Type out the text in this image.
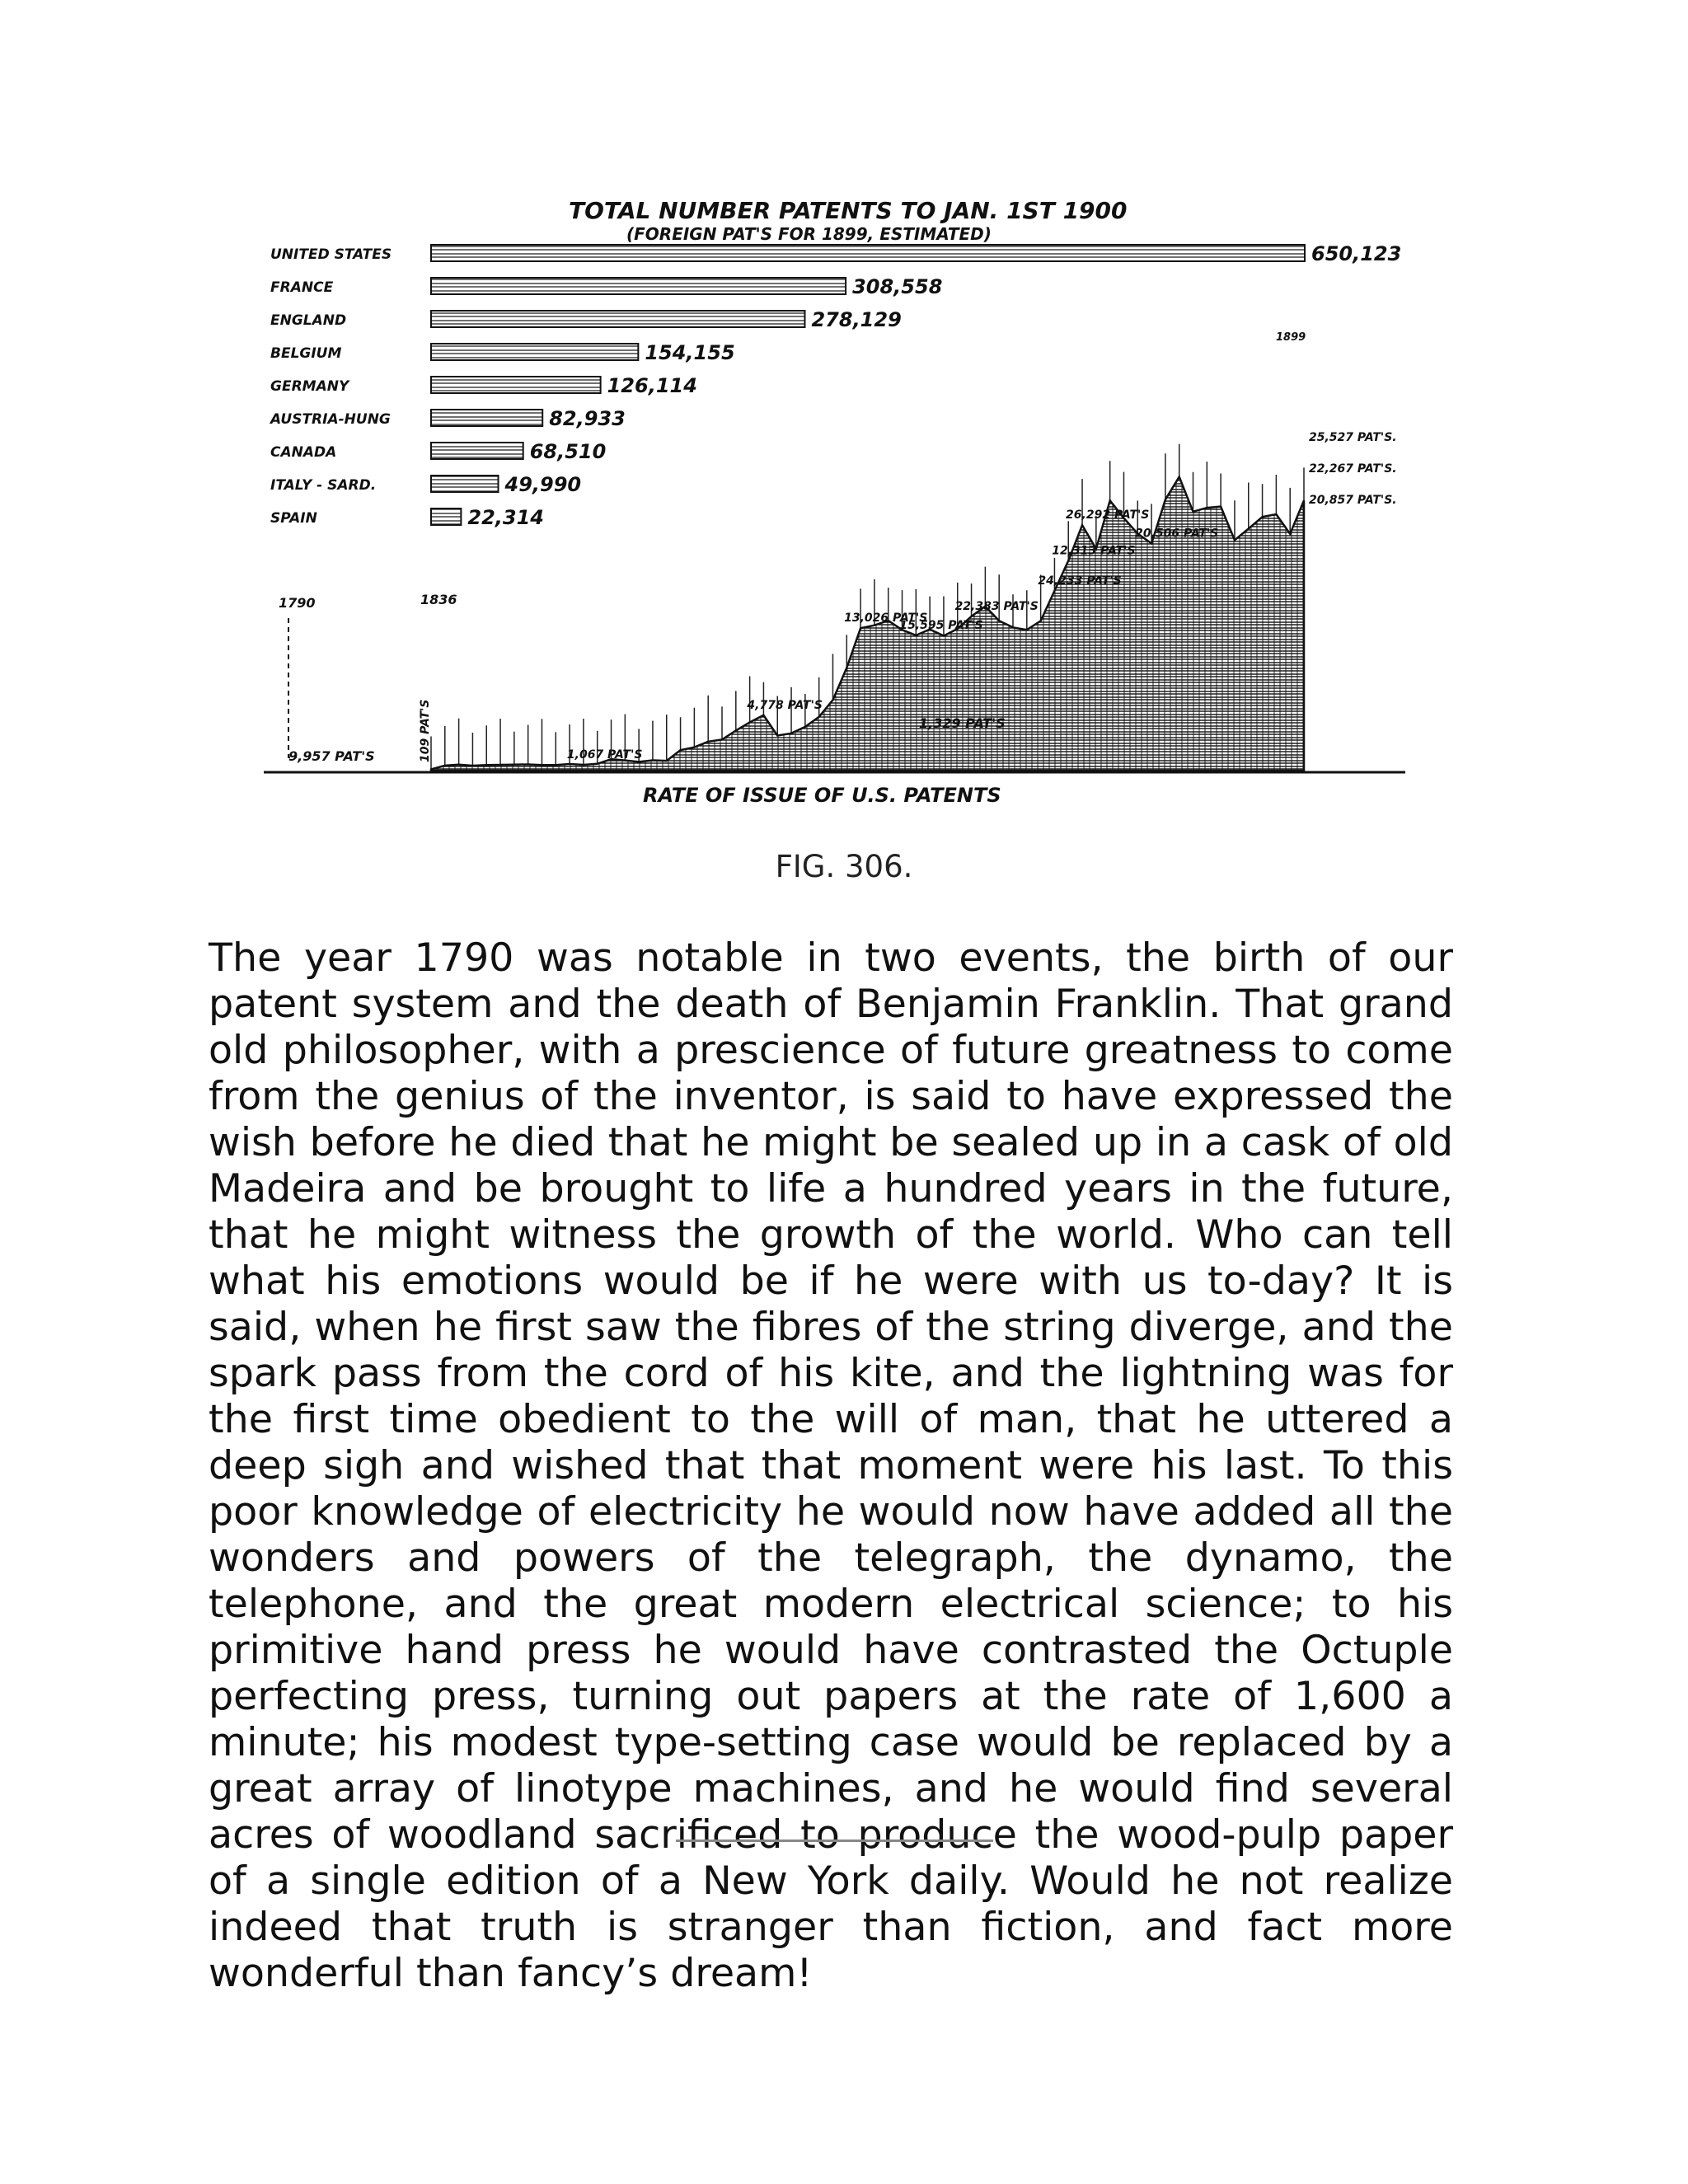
TOTAL NUMBER PATENTS TO JAN. 1ST 1900
(FOREIGN PAT'S FOR 1899, ESTIMATED)
UNITED STATES	650,123
FRANCE	308,558
ENGLAND	278,129
BELGIUM	154,155
GERMANY	126,114
AUSTRIA-HUNG	82,933
CANADA	68,510
ITALY - SARD.	49,990
SPAIN	22,314
109 PAT'S	1,067 PAT'S
4,778 PAT'S
13,026 PAT'S
15,595 PAT'S
12,313 PAT'S
22,383 PAT'S
24,233 PAT'S
26,292 PAT'S
20,506 PAT'S
25,527 PAT'S.
22,267 PAT'S.
20,857 PAT'S.
1790	1836
9,957 PAT'S
1,329 PAT'S
1899
RATE OF ISSUE OF U.S. PATENTS
FIG. 306.

The year 1790 was notable in two events, the birth of our patent system and the death of Benjamin Franklin. That grand old philosopher, with a prescience of future greatness to come from the genius of the inventor, is said to have expressed the wish before he died that he might be sealed up in a cask of old Madeira and be brought to life a hundred years in the future, that he might witness the growth of the world. Who can tell what his emotions would be if he were with us to-day? It is said, when he first saw the fibres of the string diverge, and the spark pass from the cord of his kite, and the lightning was for the first time obedient to the will of man, that he uttered a deep sigh and wished that that moment were his last. To this poor knowledge of electricity he would now have added all the wonders and powers of the telegraph, the dynamo, the telephone, and the great modern electrical science; to his primitive hand press he would have contrasted the Octuple perfecting press, turning out papers at the rate of 1,600 a minute; his modest type-setting case would be replaced by a great array of linotype machines, and he would find several acres of woodland sacrificed to produce the wood-pulp paper of a single edition of a New York daily. Would he not realize indeed that truth is stranger than fiction, and fact more wonderful than fancy’s dream!
